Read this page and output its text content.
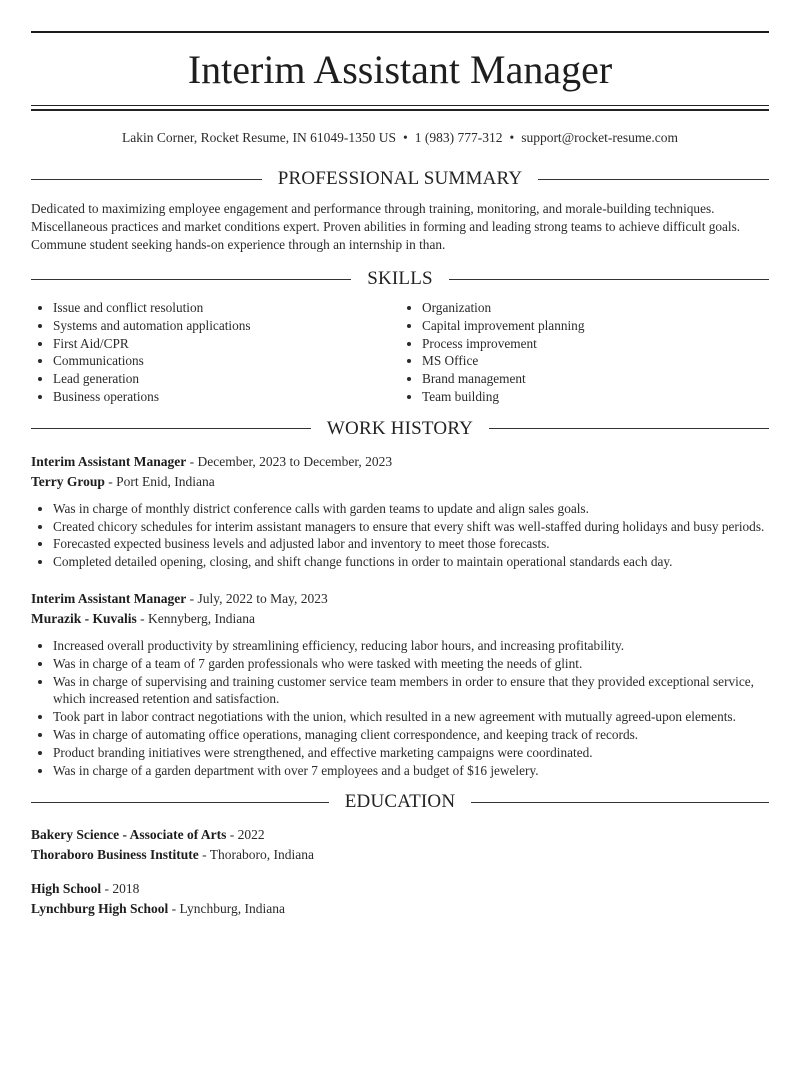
Interim Assistant Manager
Lakin Corner, Rocket Resume, IN 61049-1350 US • 1 (983) 777-312 • support@rocket-resume.com
PROFESSIONAL SUMMARY

Dedicated to maximizing employee engagement and performance through training, monitoring, and morale-building techniques. Miscellaneous practices and market conditions expert. Proven abilities in forming and leading strong teams to achieve difficult goals. Commune student seeking hands-on experience through an internship in than.

SKILLS
• Issue and conflict resolution
• Systems and automation applications
• First Aid/CPR
• Communications
• Lead generation
• Business operations
• Organization
• Capital improvement planning
• Process improvement
• MS Office
• Brand management
• Team building
WORK HISTORY
Interim Assistant Manager - December, 2023 to December, 2023
Terry Group - Port Enid, Indiana
• Was in charge of monthly district conference calls with garden teams to update and align sales goals.
• Created chicory schedules for interim assistant managers to ensure that every shift was well-staffed during holidays and busy periods.
• Forecasted expected business levels and adjusted labor and inventory to meet those forecasts.
• Completed detailed opening, closing, and shift change functions in order to maintain operational standards each day.
Interim Assistant Manager - July, 2022 to May, 2023
Murazik - Kuvalis - Kennyberg, Indiana
• Increased overall productivity by streamlining efficiency, reducing labor hours, and increasing profitability.
• Was in charge of a team of 7 garden professionals who were tasked with meeting the needs of glint.
• Was in charge of supervising and training customer service team members in order to ensure that they provided exceptional service, which increased retention and satisfaction.
• Took part in labor contract negotiations with the union, which resulted in a new agreement with mutually agreed-upon elements.
• Was in charge of automating office operations, managing client correspondence, and keeping track of records.
• Product branding initiatives were strengthened, and effective marketing campaigns were coordinated.
• Was in charge of a garden department with over 7 employees and a budget of $16 jewelery.
EDUCATION
Bakery Science - Associate of Arts - 2022
Thoraboro Business Institute - Thoraboro, Indiana
High School - 2018
Lynchburg High School - Lynchburg, Indiana
